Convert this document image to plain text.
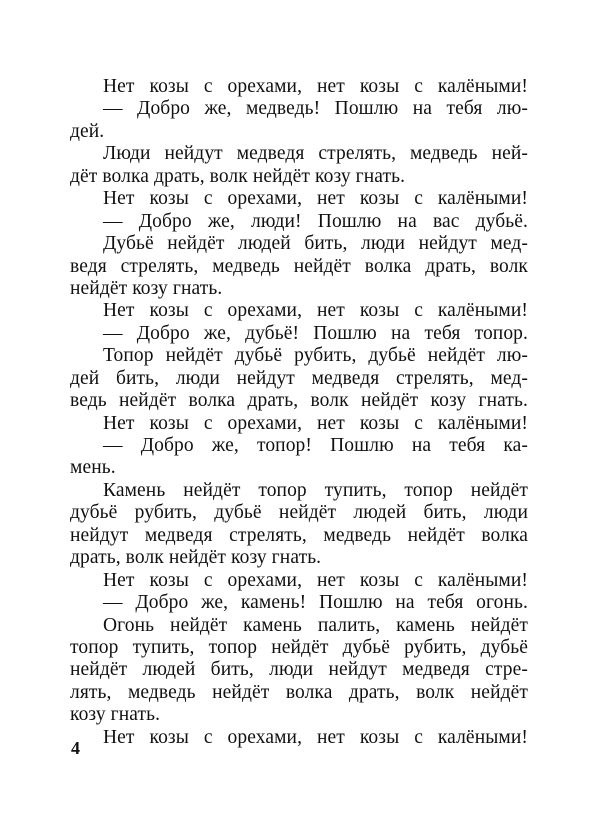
Нет козы с орехами, нет козы с калёными!
— Добро же, медведь! Пошлю на тебя лю-
дей.
Люди нейдут медведя стрелять, медведь ней-
дёт волка драть, волк нейдёт козу гнать.
Нет козы с орехами, нет козы с калёными!
— Добро же, люди! Пошлю на вас дубьё.
Дубьё нейдёт людей бить, люди нейдут мед-
ведя стрелять, медведь нейдёт волка драть, волк
нейдёт козу гнать.
Нет козы с орехами, нет козы с калёными!
— Добро же, дубьё! Пошлю на тебя топор.
Топор нейдёт дубьё рубить, дубьё нейдёт лю-
дей бить, люди нейдут медведя стрелять, мед-
ведь нейдёт волка драть, волк нейдёт козу гнать.
Нет козы с орехами, нет козы с калёными!
— Добро же, топор! Пошлю на тебя ка-
мень.
Камень нейдёт топор тупить, топор нейдёт
дубьё рубить, дубьё нейдёт людей бить, люди
нейдут медведя стрелять, медведь нейдёт волка
драть, волк нейдёт козу гнать.
Нет козы с орехами, нет козы с калёными!
— Добро же, камень! Пошлю на тебя огонь.
Огонь нейдёт камень палить, камень нейдёт
топор тупить, топор нейдёт дубьё рубить, дубьё
нейдёт людей бить, люди нейдут медведя стре-
лять, медведь нейдёт волка драть, волк нейдёт
козу гнать.
Нет козы с орехами, нет козы с калёными!
4
